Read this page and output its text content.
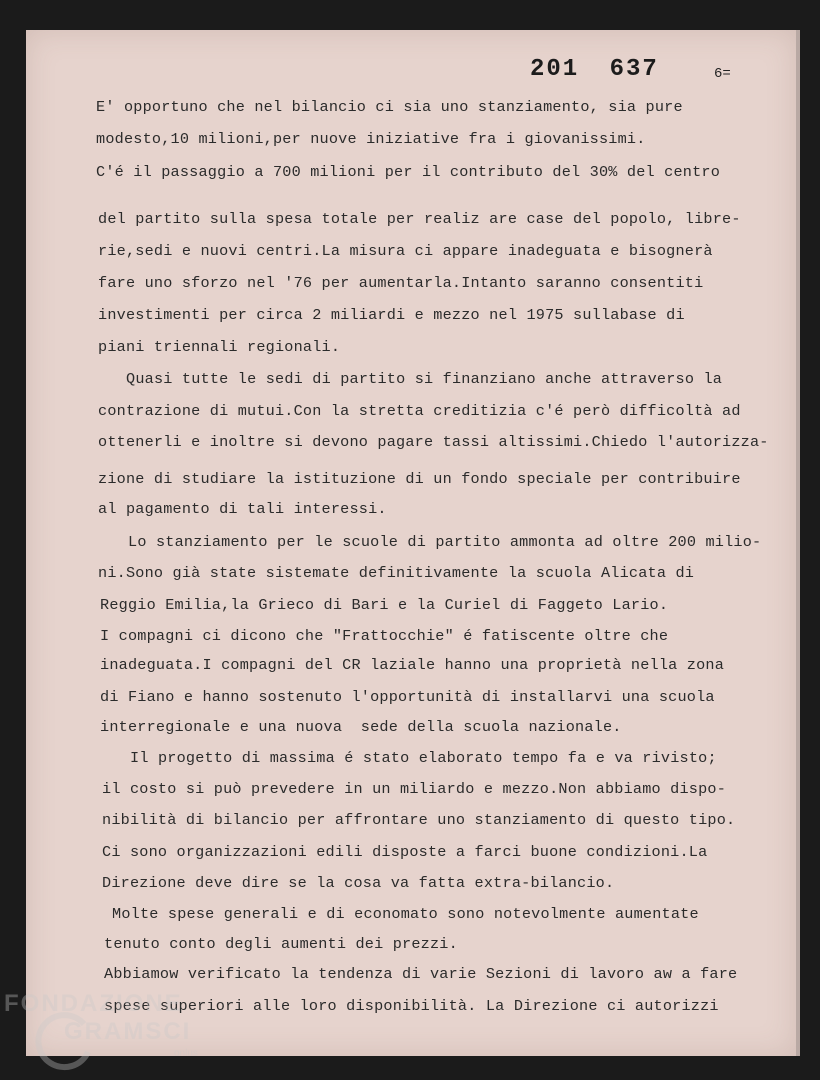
201 637	6=
E' opportuno che nel bilancio ci sia uno stanziamento, sia pure
modesto,10 milioni,per nuove iniziative fra i giovanissimi.
C'é il passaggio a 700 milioni per il contributo del 30% del centro
del partito sulla spesa totale per realiz are case del popolo, libre-
rie,sedi e nuovi centri.La misura ci appare inadeguata e bisognerà
fare uno sforzo nel '76 per aumentarla.Intanto saranno consentiti
investimenti per circa 2 miliardi e mezzo nel 1975 sullabase di
piani triennali regionali.
Quasi tutte le sedi di partito si finanziano anche attraverso la
contrazione di mutui.Con la stretta creditizia c'é però difficoltà ad
ottenerli e inoltre si devono pagare tassi altissimi.Chiedo l'autorizza-
zione di studiare la istituzione di un fondo speciale per contribuire
al pagamento di tali interessi.
Lo stanziamento per le scuole di partito ammonta ad oltre 200 milio-
ni.Sono già state sistemate definitivamente la scuola Alicata di
Reggio Emilia,la Grieco di Bari e la Curiel di Faggeto Lario.
I compagni ci dicono che "Frattocchie" é fatiscente oltre che
inadeguata.I compagni del CR laziale hanno una proprietà nella zona
di Fiano e hanno sostenuto l'opportunità di installarvi una scuola
interregionale e una nuova  sede della scuola nazionale.
Il progetto di massima é stato elaborato tempo fa e va rivisto;
il costo si può prevedere in un miliardo e mezzo.Non abbiamo dispo-
nibilità di bilancio per affrontare uno stanziamento di questo tipo.
Ci sono organizzazioni edili disposte a farci buone condizioni.La
Direzione deve dire se la cosa va fatta extra-bilancio.
Molte spese generali e di economato sono notevolmente aumentate
tenuto conto degli aumenti dei prezzi.
Abbiamow verificato la tendenza di varie Sezioni di lavoro aw a fare
spese superiori alle loro disponibilità. La Direzione ci autorizzi
FONDAZIONE
GRAMSCI
onlus
